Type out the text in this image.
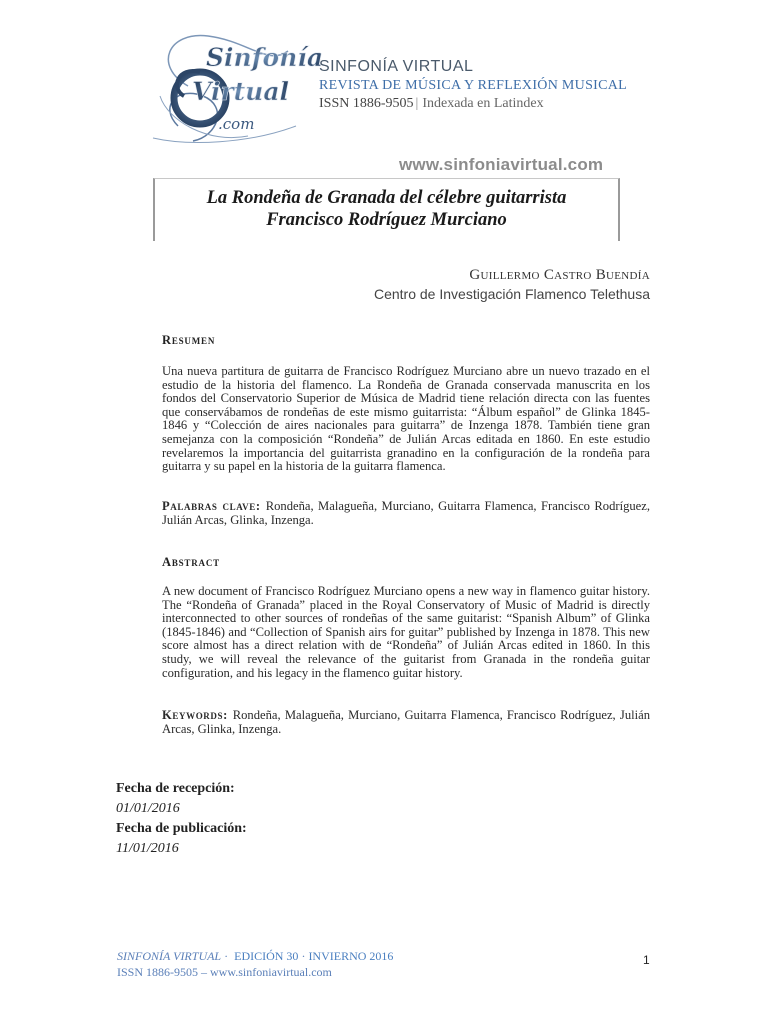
Sinfonía
Virtual
.com
SINFONÍA VIRTUAL
REVISTA DE MÚSICA Y REFLEXIÓN MUSICAL
ISSN 1886-9505 | Indexada en Latindex
www.sinfoniavirtual.com
La Rondeña de Granada del célebre guitarrista
Francisco Rodríguez Murciano
Guillermo Castro Buendía
Centro de Investigación Flamenco Telethusa
Resumen

Una nueva partitura de guitarra de Francisco Rodríguez Murciano abre un nuevo trazado en el estudio de la historia del flamenco. La Rondeña de Granada conservada manuscrita en los fondos del Conservatorio Superior de Música de Madrid tiene relación directa con las fuentes que conservábamos de rondeñas de este mismo guitarrista: “Álbum español” de Glinka 1845-1846 y “Colección de aires nacionales para guitarra” de Inzenga 1878. También tiene gran semejanza con la composición “Rondeña” de Julián Arcas editada en 1860. En este estudio revelaremos la importancia del guitarrista granadino en la configuración de la rondeña para guitarra y su papel en la historia de la guitarra flamenca.

Palabras clave: Rondeña, Malagueña, Murciano, Guitarra Flamenca, Francisco Rodríguez, Julián Arcas, Glinka, Inzenga.

Abstract

A new document of Francisco Rodríguez Murciano opens a new way in flamenco guitar history. The “Rondeña of Granada” placed in the Royal Conservatory of Music of Madrid is directly interconnected to other sources of rondeñas of the same guitarist: “Spanish Album” of Glinka (1845-1846) and “Collection of Spanish airs for guitar” published by Inzenga in 1878. This new score almost has a direct relation with de “Rondeña” of Julián Arcas edited in 1860. In this study, we will reveal the relevance of the guitarist from Granada in the rondeña guitar configuration, and his legacy in the flamenco guitar history.

Keywords: Rondeña, Malagueña, Murciano, Guitarra Flamenca, Francisco Rodríguez, Julián Arcas, Glinka, Inzenga.

Fecha de recepción:
01/01/2016
Fecha de publicación:
11/01/2016
SINFONÍA VIRTUAL ·  EDICIÓN 30 · INVIERNO 2016
ISSN 1886-9505 – www.sinfoniavirtual.com
1
